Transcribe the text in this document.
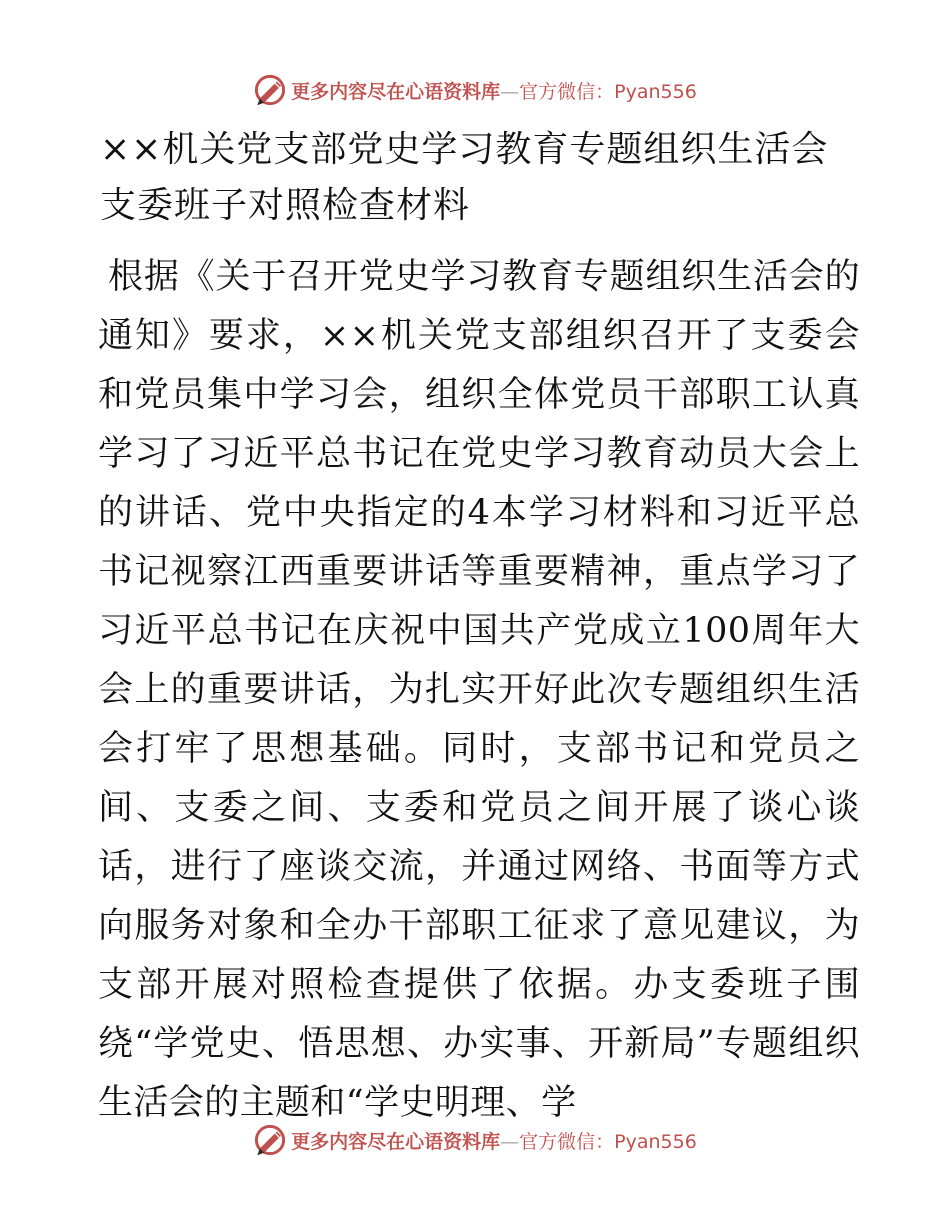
更多内容尽在心语资料库—官方微信：Pyan556
××机关党支部党史学习教育专题组织生活会支委班子对照检查材料

根据《关于召开党史学习教育专题组织生活会的通知》要求，××机关党支部组织召开了支委会和党员集中学习会，组织全体党员干部职工认真学习了习近平总书记在党史学习教育动员大会上的讲话、党中央指定的4本学习材料和习近平总书记视察江西重要讲话等重要精神，重点学习了习近平总书记在庆祝中国共产党成立100周年大会上的重要讲话，为扎实开好此次专题组织生活会打牢了思想基础。同时，支部书记和党员之间、支委之间、支委和党员之间开展了谈心谈话，进行了座谈交流，并通过网络、书面等方式向服务对象和全办干部职工征求了意见建议，为支部开展对照检查提供了依据。办支委班子围绕“学党史、悟思想、办实事、开新局”专题组织生活会的主题和“学史明理、学

更多内容尽在心语资料库—官方微信：Pyan556
